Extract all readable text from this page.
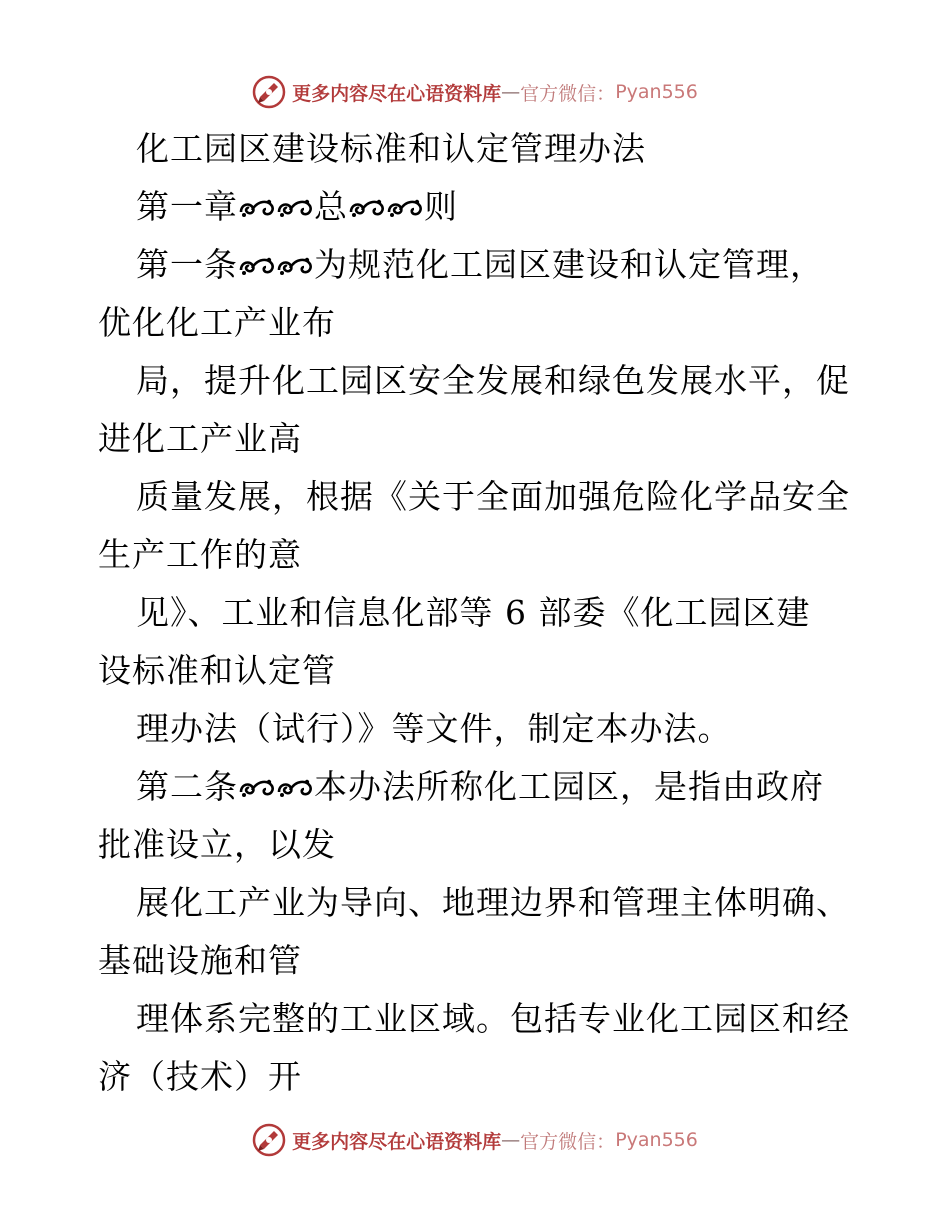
更多内容尽在心语资料库 — 官方微信： Pyan556
化工园区建设标准和认定管理办法
第一章 总 则
第一条 为规范化工园区建设和认定管理，
优化化工产业布
局，提升化工园区安全发展和绿色发展水平，促
进化工产业高
质量发展，根据《关于全面加强危险化学品安全
生产工作的意
见》、工业和信息化部等 6 部委《化工园区建
设标准和认定管
理办法（试行）》等文件，制定本办法。
第二条 本办法所称化工园区，是指由政府
批准设立，以发
展化工产业为导向、地理边界和管理主体明确、
基础设施和管
理体系完整的工业区域。包括专业化工园区和经
济（技术）开
更多内容尽在心语资料库 — 官方微信： Pyan556
